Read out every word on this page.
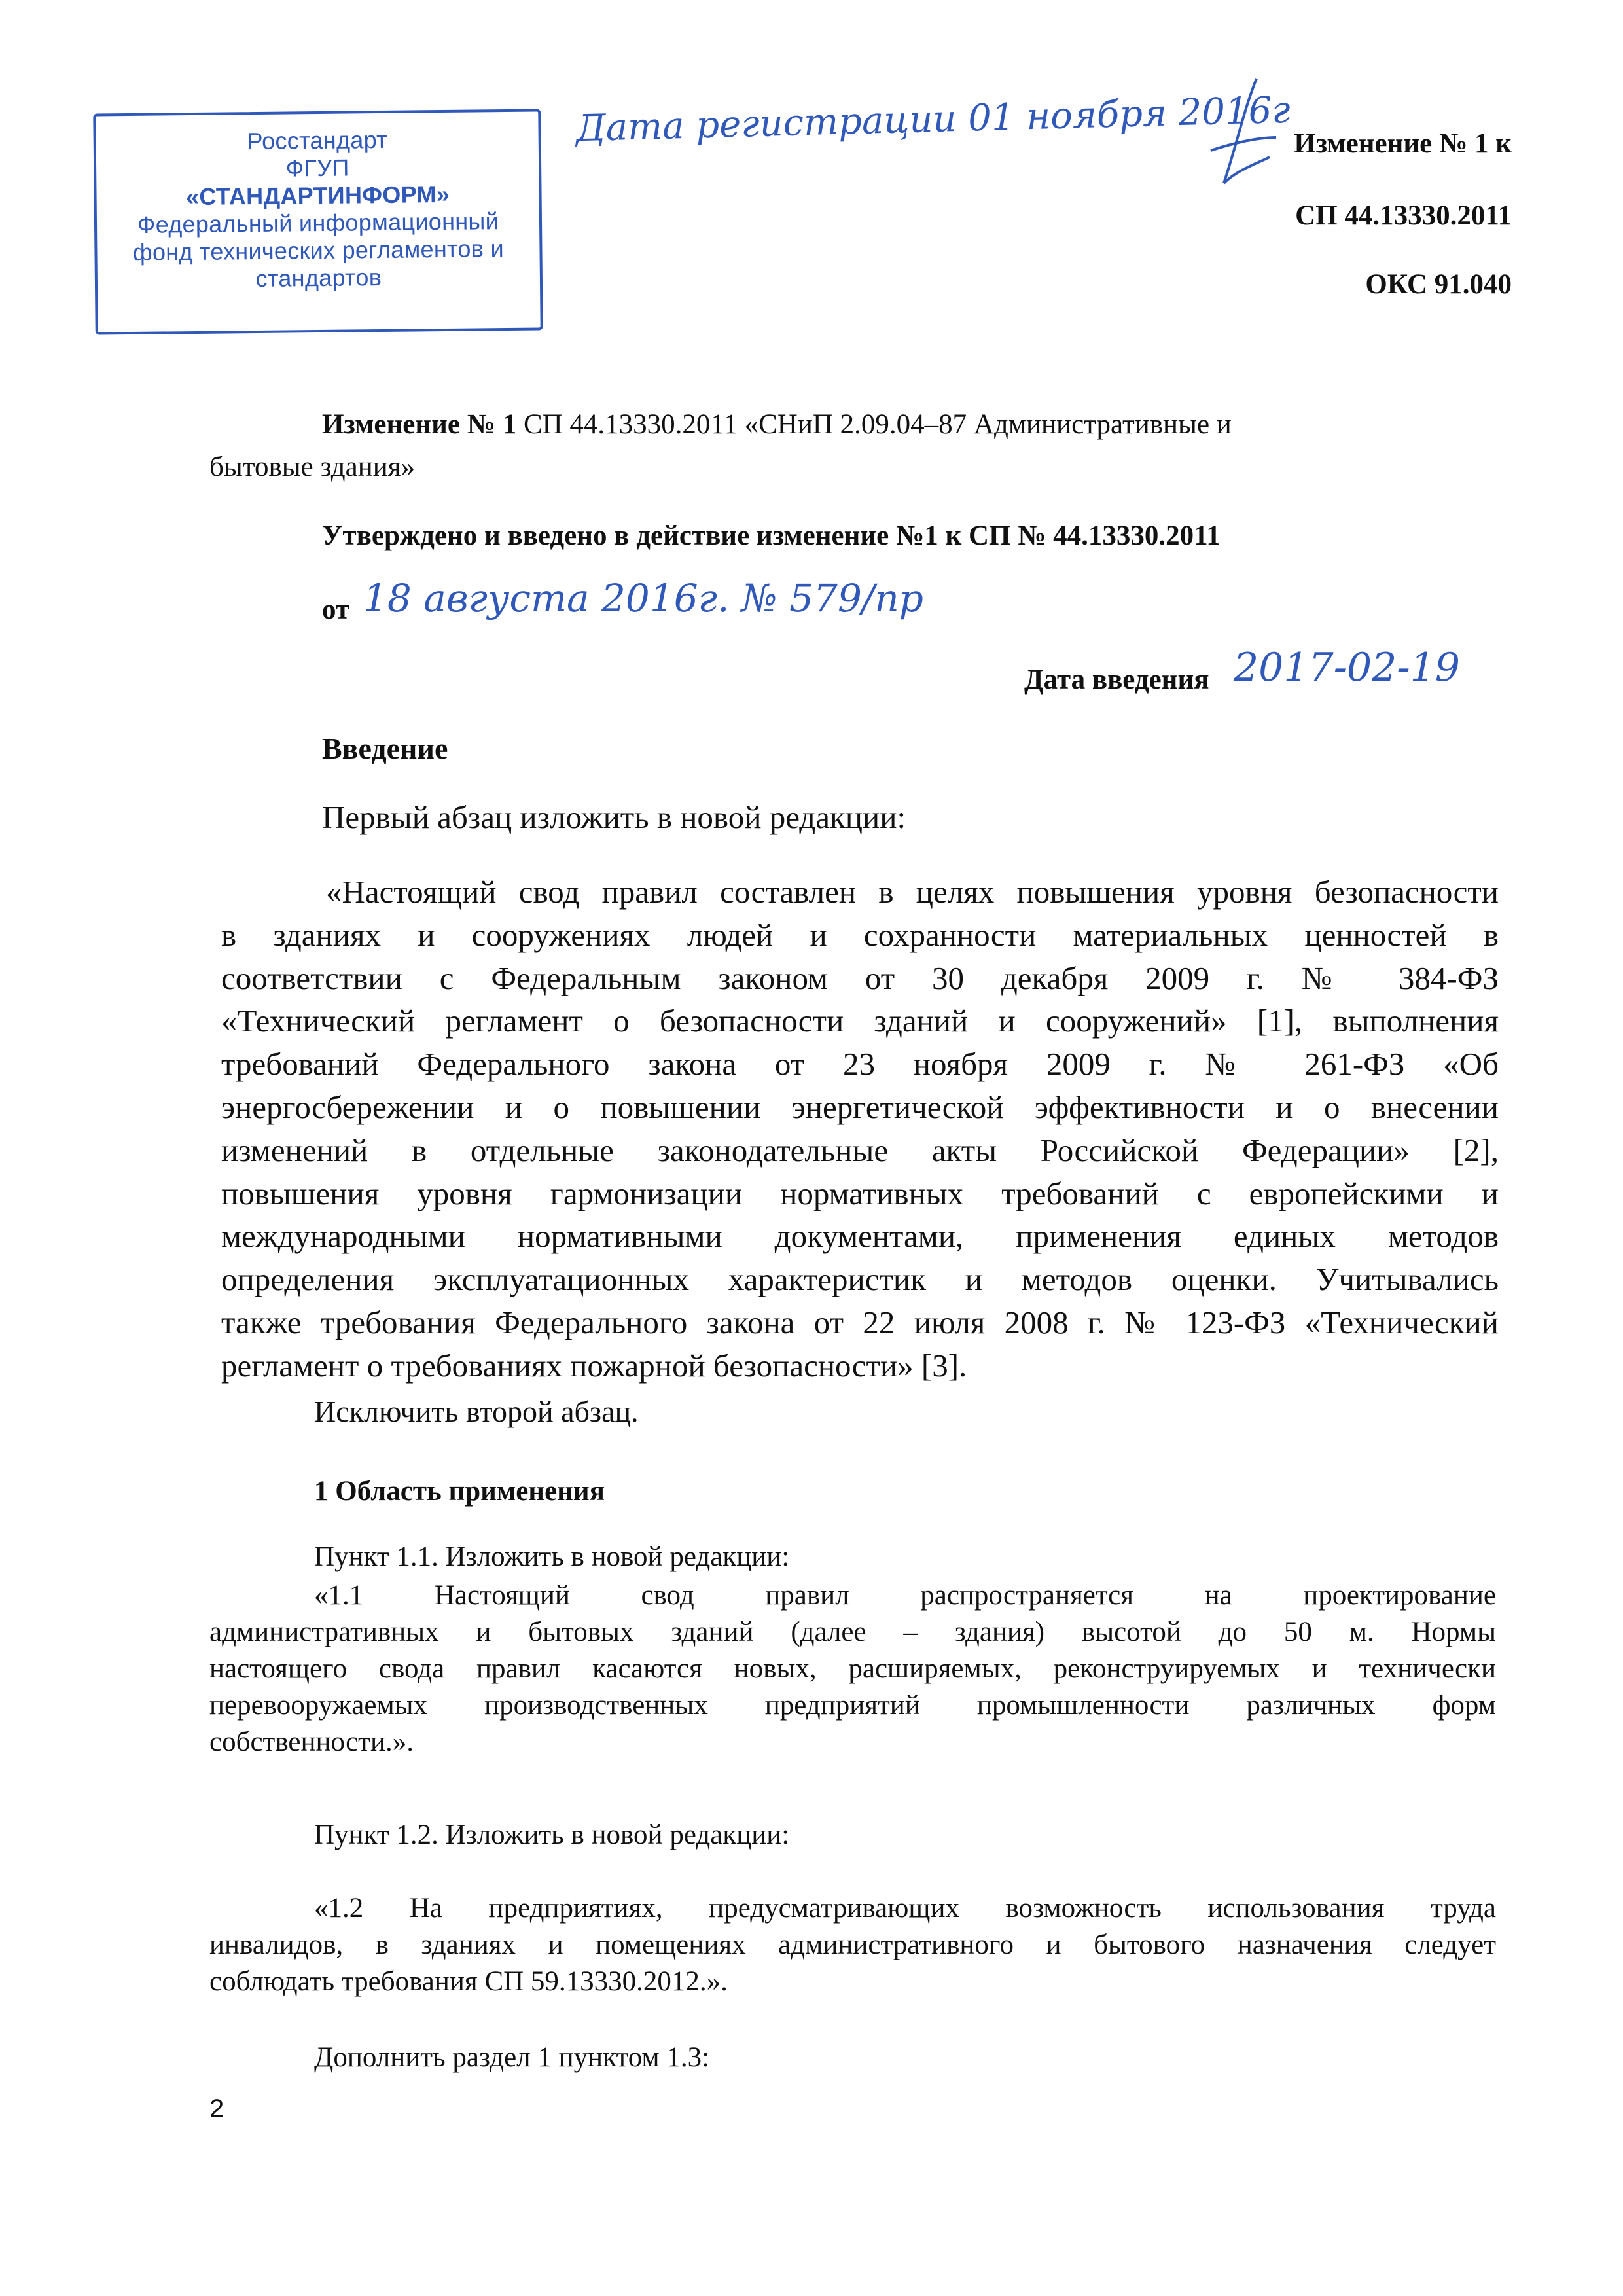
Росстандарт
ФГУП
«СТАНДАРТИНФОРМ»
Федеральный информационный
фонд технических регламентов и
стандартов
Дата регистрации 01 ноября 2016г Изменение № 1 к
СП 44.13330.2011
ОКС 91.040
Изменение № 1 СП 44.13330.2011 «СНиП 2.09.04–87 Административные и
бытовые здания»
Утверждено и введено в действие изменение №1 к СП № 44.13330.2011
от 18 августа 2016г. № 579/пр
Дата введения 2017-02-19
Введение
Первый абзац изложить в новой редакции:
«Настоящий свод правил составлен в целях повышения уровня безопасности
в зданиях и сооружениях людей и сохранности материальных ценностей в
соответствии с Федеральным законом от 30 декабря 2009 г. № 384-ФЗ
«Технический регламент о безопасности зданий и сооружений» [1], выполнения
требований Федерального закона от 23 ноября 2009 г. № 261-ФЗ «Об
энергосбережении и о повышении энергетической эффективности и о внесении
изменений в отдельные законодательные акты Российской Федерации» [2],
повышения уровня гармонизации нормативных требований с европейскими и
международными нормативными документами, применения единых методов
определения эксплуатационных характеристик и методов оценки. Учитывались
также требования Федерального закона от 22 июля 2008 г. № 123-ФЗ «Технический
регламент о требованиях пожарной безопасности» [3].
Исключить второй абзац.
1 Область применения
Пункт 1.1. Изложить в новой редакции:
«1.1 Настоящий свод правил распространяется на проектирование
административных и бытовых зданий (далее – здания) высотой до 50 м. Нормы
настоящего свода правил касаются новых, расширяемых, реконструируемых и технически
перевооружаемых производственных предприятий промышленности различных форм
собственности.».
Пункт 1.2. Изложить в новой редакции:
«1.2 На предприятиях, предусматривающих возможность использования труда
инвалидов, в зданиях и помещениях административного и бытового назначения следует
соблюдать требования СП 59.13330.2012.».
Дополнить раздел 1 пунктом 1.3:
2
